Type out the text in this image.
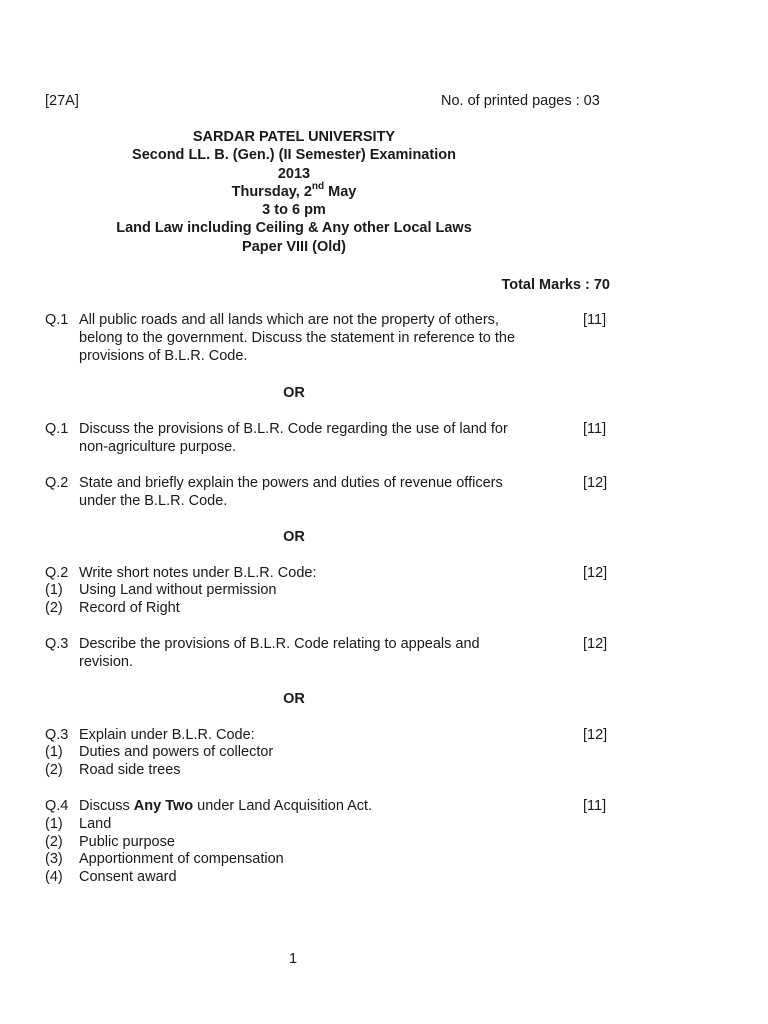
[27A]	No. of printed pages : 03
SARDAR PATEL UNIVERSITY
Second LL. B. (Gen.) (II Semester) Examination
2013
Thursday, 2nd May
3 to 6 pm
Land Law including Ceiling & Any other Local Laws
Paper VIII (Old)
Total Marks : 70
Q.1 All public roads and all lands which are not the property of others,
belong to the government. Discuss the statement in reference to the
provisions of B.L.R. Code.
[11]
OR
Q.1 Discuss the provisions of B.L.R. Code regarding the use of land for
non-agriculture purpose.
[11]
Q.2 State and briefly explain the powers and duties of revenue officers
under the B.L.R. Code.
[12]
OR
Q.2 Write short notes under B.L.R. Code:	[12]
(1) Using Land without permission
(2) Record of Right
Q.3 Describe the provisions of B.L.R. Code relating to appeals and
revision.
[12]
OR
Q.3 Explain under B.L.R. Code:	[12]
(1) Duties and powers of collector
(2) Road side trees
Q.4 Discuss Any Two under Land Acquisition Act.	[11]
(1) Land
(2) Public purpose
(3) Apportionment of compensation
(4) Consent award
1
